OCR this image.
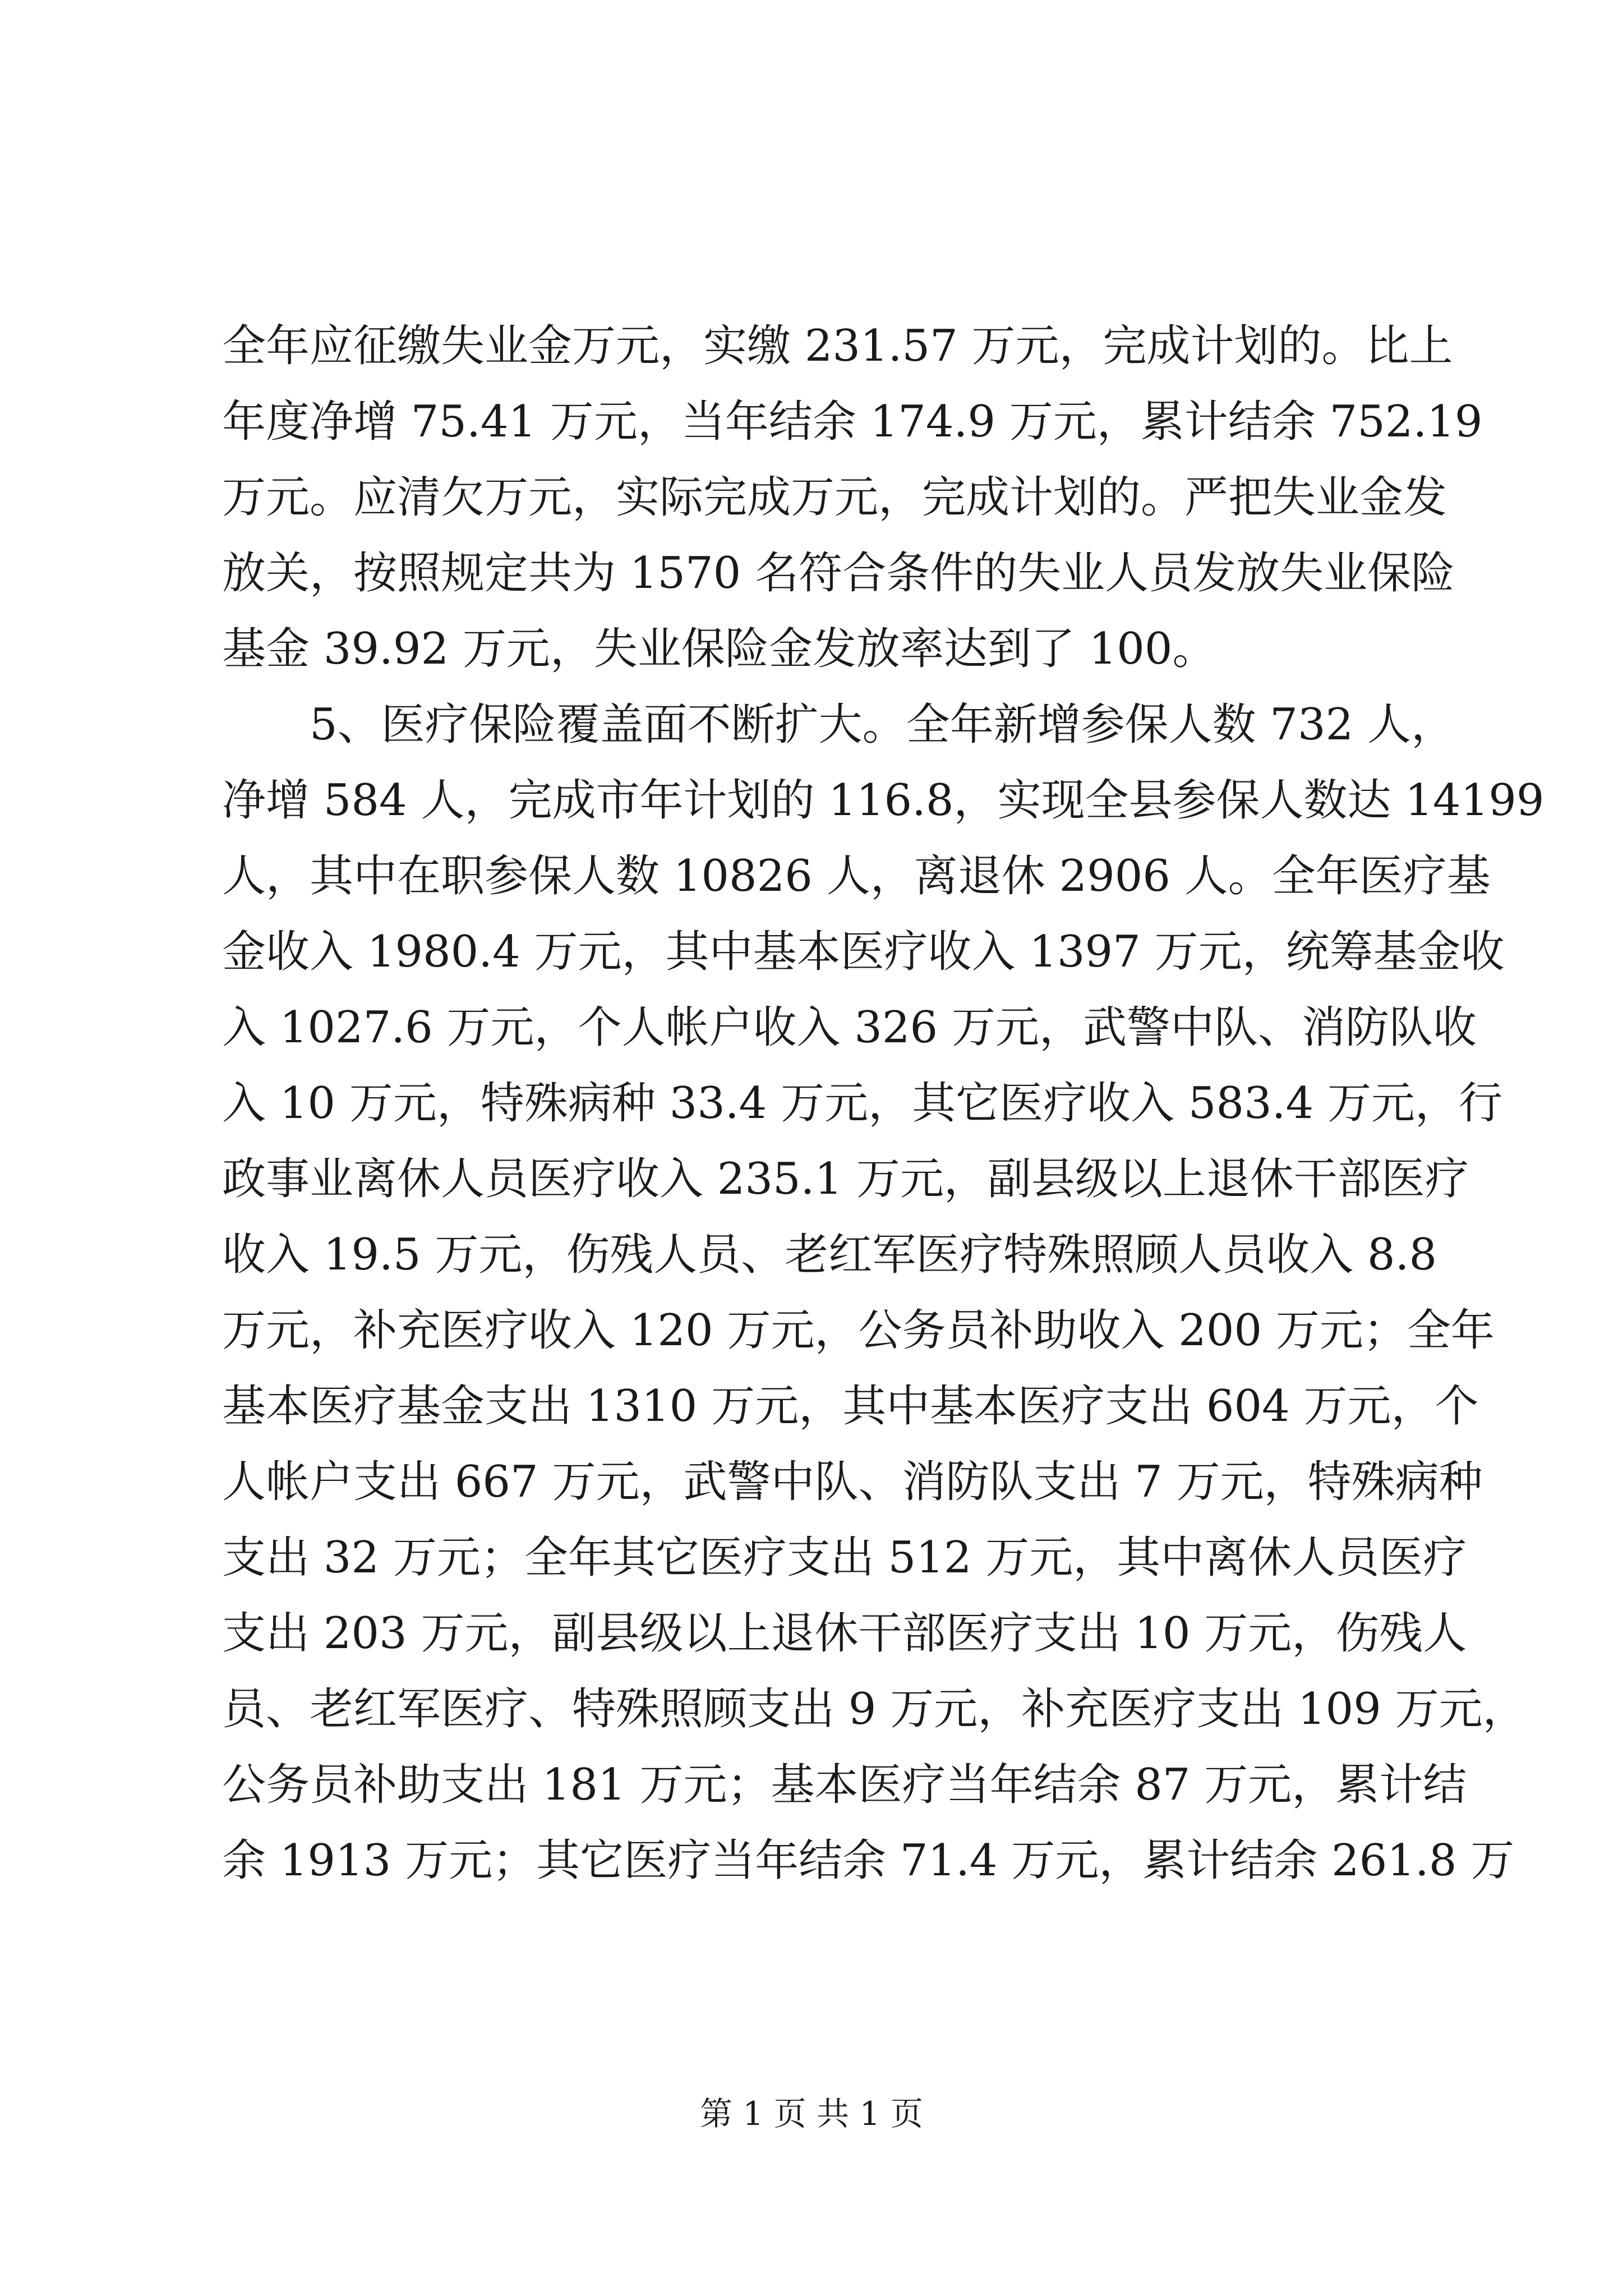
全年应征缴失业金万元，实缴 231.57 万元，完成计划的。比上
年度净增 75.41 万元，当年结余 174.9 万元，累计结余 752.19
万元。应清欠万元，实际完成万元，完成计划的。严把失业金发
放关，按照规定共为 1570 名符合条件的失业人员发放失业保险
基金 39.92 万元，失业保险金发放率达到了 100。
5、医疗保险覆盖面不断扩大。全年新增参保人数 732 人，
净增 584 人，完成市年计划的 116.8，实现全县参保人数达 14199
人，其中在职参保人数 10826 人，离退休 2906 人。全年医疗基
金收入 1980.4 万元，其中基本医疗收入 1397 万元，统筹基金收
入 1027.6 万元，个人帐户收入 326 万元，武警中队、消防队收
入 10 万元，特殊病种 33.4 万元，其它医疗收入 583.4 万元，行
政事业离休人员医疗收入 235.1 万元，副县级以上退休干部医疗
收入 19.5 万元，伤残人员、老红军医疗特殊照顾人员收入 8.8
万元，补充医疗收入 120 万元，公务员补助收入 200 万元；全年
基本医疗基金支出 1310 万元，其中基本医疗支出 604 万元，个
人帐户支出 667 万元，武警中队、消防队支出 7 万元，特殊病种
支出 32 万元；全年其它医疗支出 512 万元，其中离休人员医疗
支出 203 万元，副县级以上退休干部医疗支出 10 万元，伤残人
员、老红军医疗、特殊照顾支出 9 万元，补充医疗支出 109 万元，
公务员补助支出 181 万元；基本医疗当年结余 87 万元，累计结
余 1913 万元；其它医疗当年结余 71.4 万元，累计结余 261.8 万
第 1 页 共 1 页
